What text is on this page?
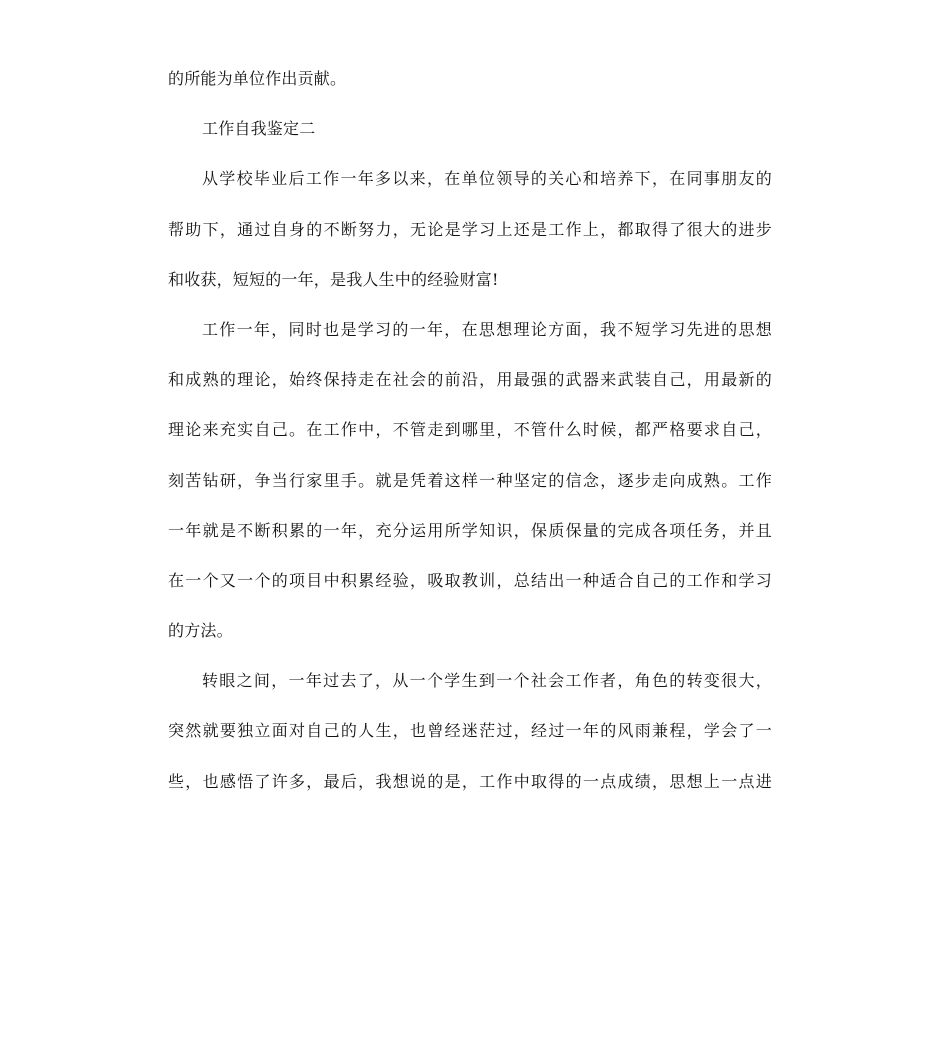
的所能为单位作出贡献。
工作自我鉴定二
从学校毕业后工作一年多以来，在单位领导的关心和培养下，在同事朋友的
帮助下，通过自身的不断努力，无论是学习上还是工作上，都取得了很大的进步
和收获，短短的一年，是我人生中的经验财富!
工作一年，同时也是学习的一年，在思想理论方面，我不短学习先进的思想
和成熟的理论，始终保持走在社会的前沿，用最强的武器来武装自己，用最新的
理论来充实自己。在工作中，不管走到哪里，不管什么时候，都严格要求自己，
刻苦钻研，争当行家里手。就是凭着这样一种坚定的信念，逐步走向成熟。工作
一年就是不断积累的一年，充分运用所学知识，保质保量的完成各项任务，并且
在一个又一个的项目中积累经验，吸取教训，总结出一种适合自己的工作和学习
的方法。
转眼之间，一年过去了，从一个学生到一个社会工作者，角色的转变很大，
突然就要独立面对自己的人生，也曾经迷茫过，经过一年的风雨兼程，学会了一
些，也感悟了许多，最后，我想说的是，工作中取得的一点成绩，思想上一点进
